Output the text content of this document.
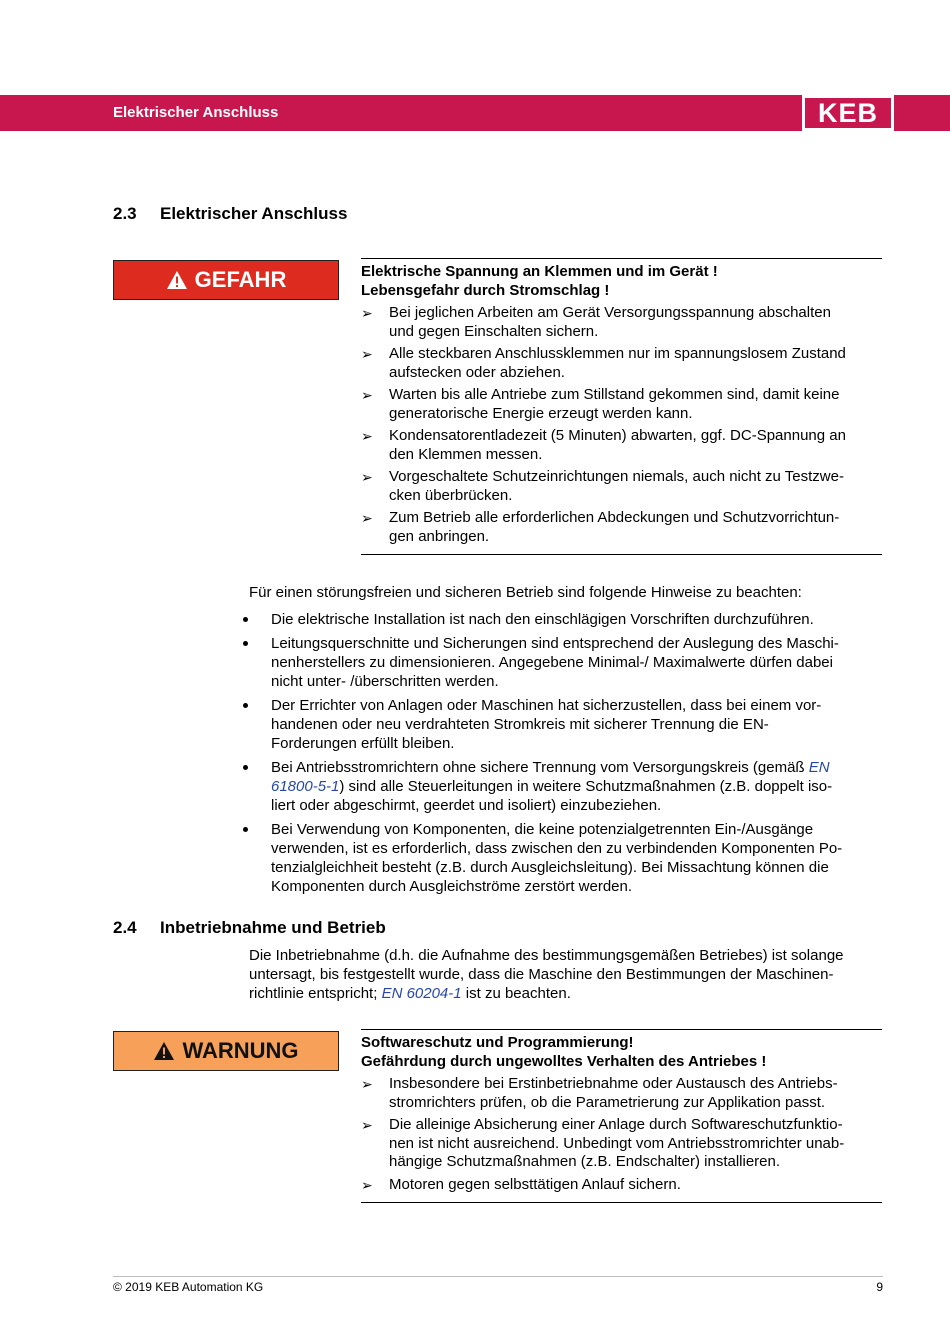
Elektrischer Anschluss	KEB
2.3 Elektrischer Anschluss
GEFAHR	Elektrische Spannung an Klemmen und im Gerät !
Lebensgefahr durch Stromschlag !
➢ Bei jeglichen Arbeiten am Gerät Versorgungsspannung abschalten
und gegen Einschalten sichern.
➢ Alle steckbaren Anschlussklemmen nur im spannungslosem Zustand
aufstecken oder abziehen.
➢ Warten bis alle Antriebe zum Stillstand gekommen sind, damit keine
generatorische Energie erzeugt werden kann.
➢ Kondensatorentladezeit (5 Minuten) abwarten, ggf. DC-Spannung an
den Klemmen messen.
➢ Vorgeschaltete Schutzeinrichtungen niemals, auch nicht zu Testzwe-
cken überbrücken.
➢ Zum Betrieb alle erforderlichen Abdeckungen und Schutzvorrichtun-
gen anbringen.
Für einen störungsfreien und sicheren Betrieb sind folgende Hinweise zu beachten:
Die elektrische Installation ist nach den einschlägigen Vorschriften durchzuführen.
Leitungsquerschnitte und Sicherungen sind entsprechend der Auslegung des Maschi-
nenherstellers zu dimensionieren. Angegebene Minimal-/ Maximalwerte dürfen dabei
nicht unter- /überschritten werden.
Der Errichter von Anlagen oder Maschinen hat sicherzustellen, dass bei einem vor-
handenen oder neu verdrahteten Stromkreis mit sicherer Trennung die EN-
Forderungen erfüllt bleiben.
Bei Antriebsstromrichtern ohne sichere Trennung vom Versorgungskreis (gemäß EN
61800-5-1) sind alle Steuerleitungen in weitere Schutzmaßnahmen (z.B. doppelt iso-
liert oder abgeschirmt, geerdet und isoliert) einzubeziehen.
Bei Verwendung von Komponenten, die keine potenzialgetrennten Ein-/Ausgänge
verwenden, ist es erforderlich, dass zwischen den zu verbindenden Komponenten Po-
tenzialgleichheit besteht (z.B. durch Ausgleichsleitung). Bei Missachtung können die
Komponenten durch Ausgleichströme zerstört werden.
2.4 Inbetriebnahme und Betrieb
Die Inbetriebnahme (d.h. die Aufnahme des bestimmungsgemäßen Betriebes) ist solange
untersagt, bis festgestellt wurde, dass die Maschine den Bestimmungen der Maschinen-
richtlinie entspricht; EN 60204-1 ist zu beachten.
WARNUNG	Softwareschutz und Programmierung!
Gefährdung durch ungewolltes Verhalten des Antriebes !
➢ Insbesondere bei Erstinbetriebnahme oder Austausch des Antriebs-
stromrichters prüfen, ob die Parametrierung zur Applikation passt.
➢ Die alleinige Absicherung einer Anlage durch Softwareschutzfunktio-
nen ist nicht ausreichend. Unbedingt vom Antriebsstromrichter unab-
hängige Schutzmaßnahmen (z.B. Endschalter) installieren.
➢ Motoren gegen selbsttätigen Anlauf sichern.
© 2019 KEB Automation KG	9
